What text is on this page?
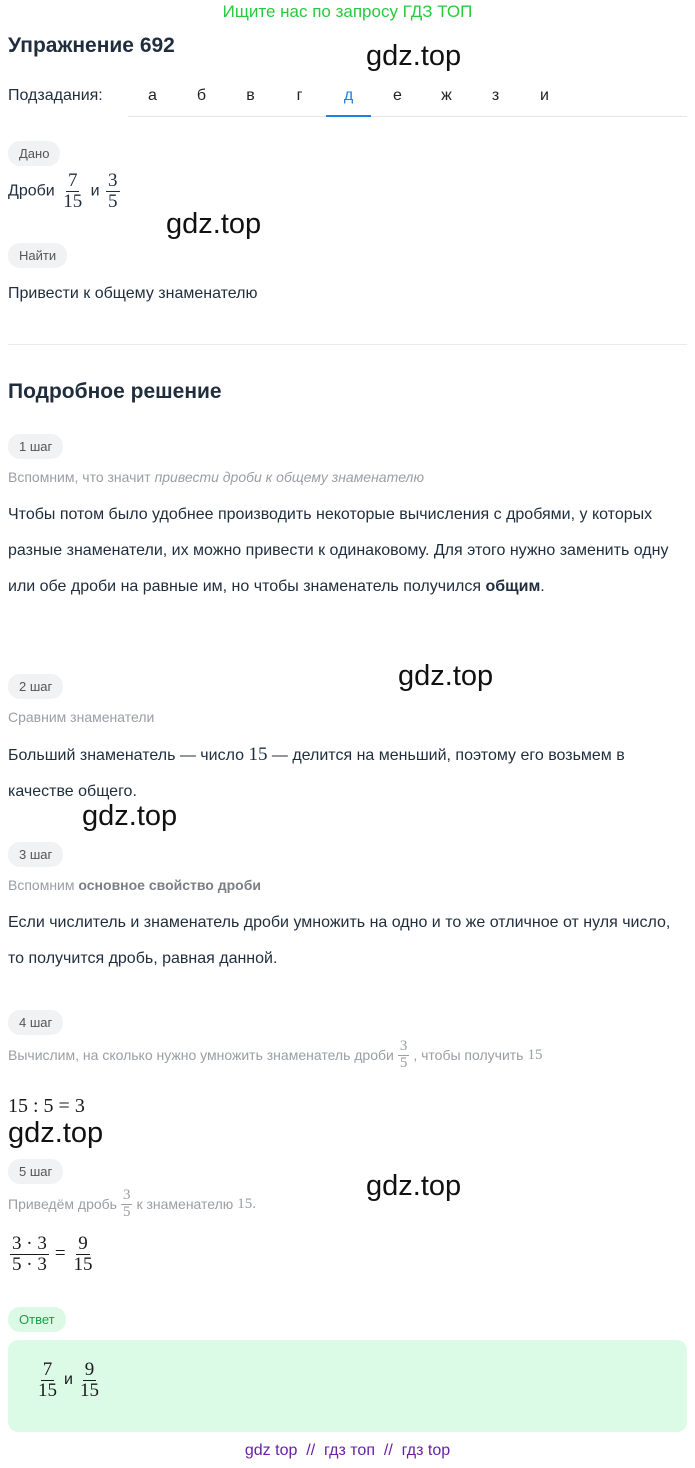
Ищите нас по запросу ГДЗ ТОП
Упражнение 692	gdz.top
Подзадания:	а	б	в	г	д	е	ж	з	и
Дано
Дроби $\frac{7}{15}$ и $\frac{3}{5}$
gdz.top
Найти
Привести к общему знаменателю
Подробное решение
1 шаг
Вспомним, что значит привести дроби к общему знаменателю
Чтобы потом было удобнее производить некоторые вычисления с дробями, у которых разные знаменатели, их можно привести к одинаковому. Для этого нужно заменить одну или обе дроби на равные им, но чтобы знаменатель получился общим.
gdz.top
2 шаг
Сравним знаменатели
Больший знаменатель — число 15 — делится на меньший, поэтому его возьмем в качестве общего.
gdz.top
3 шаг
Вспомним основное свойство дроби
Если числитель и знаменатель дроби умножить на одно и то же отличное от нуля число, то получится дробь, равная данной.
4 шаг
Вычислим, на сколько нужно умножить знаменатель дроби $\frac{3}{5}$ , чтобы получить 15
15 : 5 = 3
gdz.top
5 шаг	gdz.top
Приведём дробь $\frac{3}{5}$ к знаменателю 15.
$\frac{3 \cdot 3}{5 \cdot 3} = \frac{9}{15}$
Ответ
$\frac{7}{15}$ и $\frac{9}{15}$
gdz top  //  гдз топ  //  гдз top
